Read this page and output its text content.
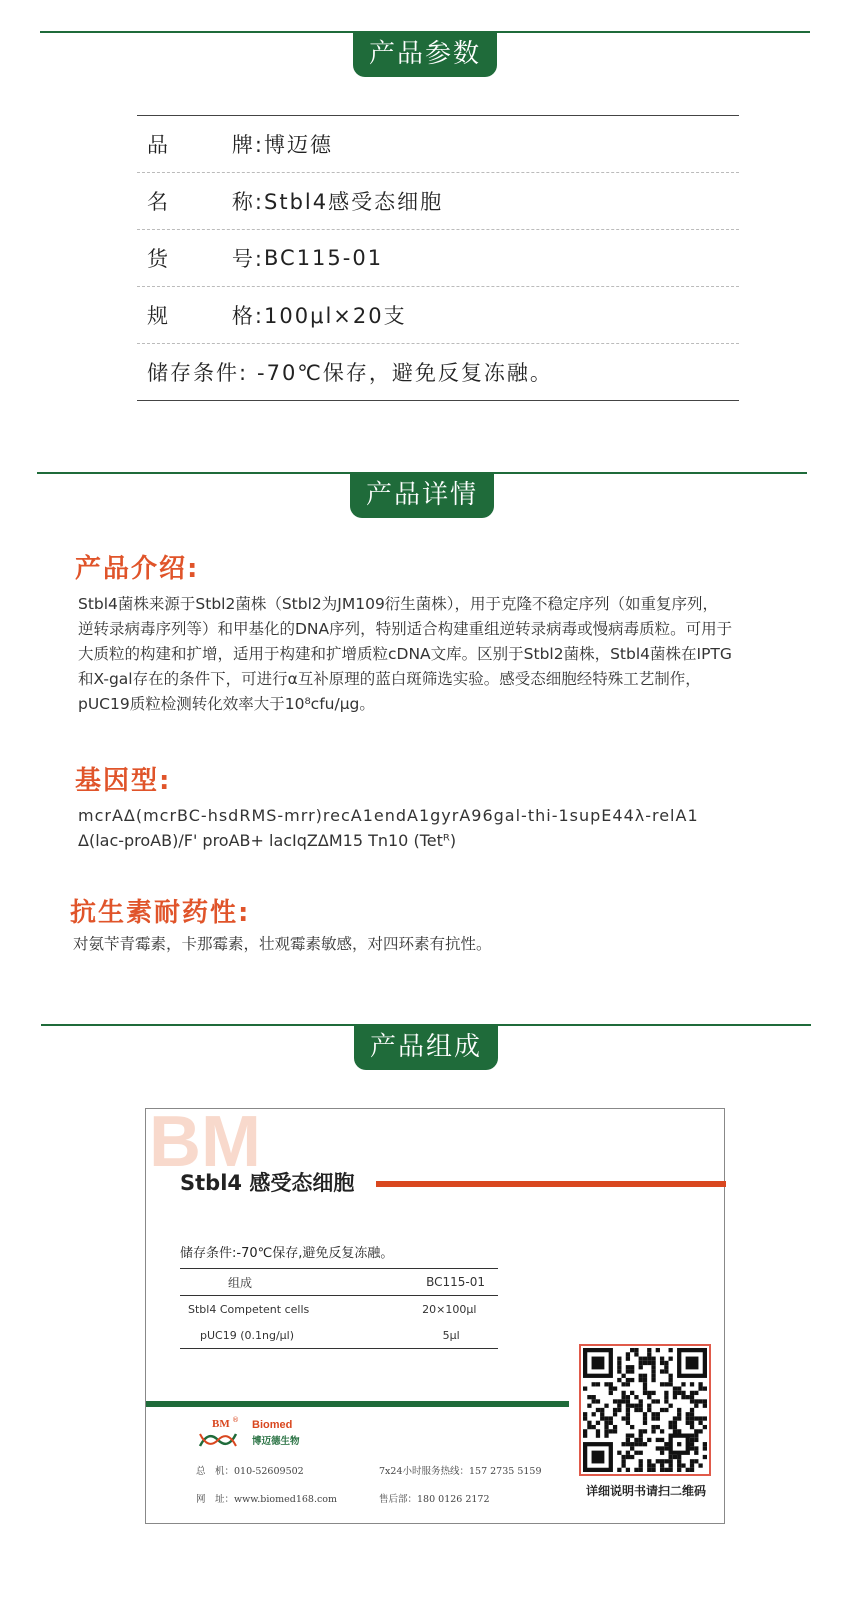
产品参数
品	牌: 博迈德
名	称: Stbl4感受态细胞
货	号: BC115-01
规	格: 100μl×20支
储存条件: -70℃保存，避免反复冻融。
产品详情
产品介绍:
Stbl4菌株来源于Stbl2菌株（Stbl2为JM109衍生菌株），用于克隆不稳定序列（如重复序列，
逆转录病毒序列等）和甲基化的DNA序列，特别适合构建重组逆转录病毒或慢病毒质粒。可用于
大质粒的构建和扩增，适用于构建和扩增质粒cDNA文库。区别于Stbl2菌株，Stbl4菌株在IPTG
和X-gal存在的条件下，可进行α互补原理的蓝白斑筛选实验。感受态细胞经特殊工艺制作，
pUC19质粒检测转化效率大于10⁸cfu/μg。
基因型:
mcrAΔ(mcrBC-hsdRMS-mrr)recA1endA1gyrA96gal-thi-1supE44λ-relA1
Δ(lac-proAB)/F' proAB+ lacIqZΔM15 Tn10 (Tetᴿ)
抗生素耐药性:
对氨苄青霉素，卡那霉素，壮观霉素敏感，对四环素有抗性。
产品组成
BM
Stbl4 感受态细胞
储存条件:-70℃保存,避免反复冻融。
组成	BC115-01
Stbl4 Competent cells	20×100μl
pUC19 (0.1ng/μl)	5μl
BM ® Biomed
博迈德生物
总　机：010-52609502	7x24小时服务热线：157 2735 5159
网　址：www.biomed168.com	售后部：180 0126 2172
详细说明书请扫二维码
